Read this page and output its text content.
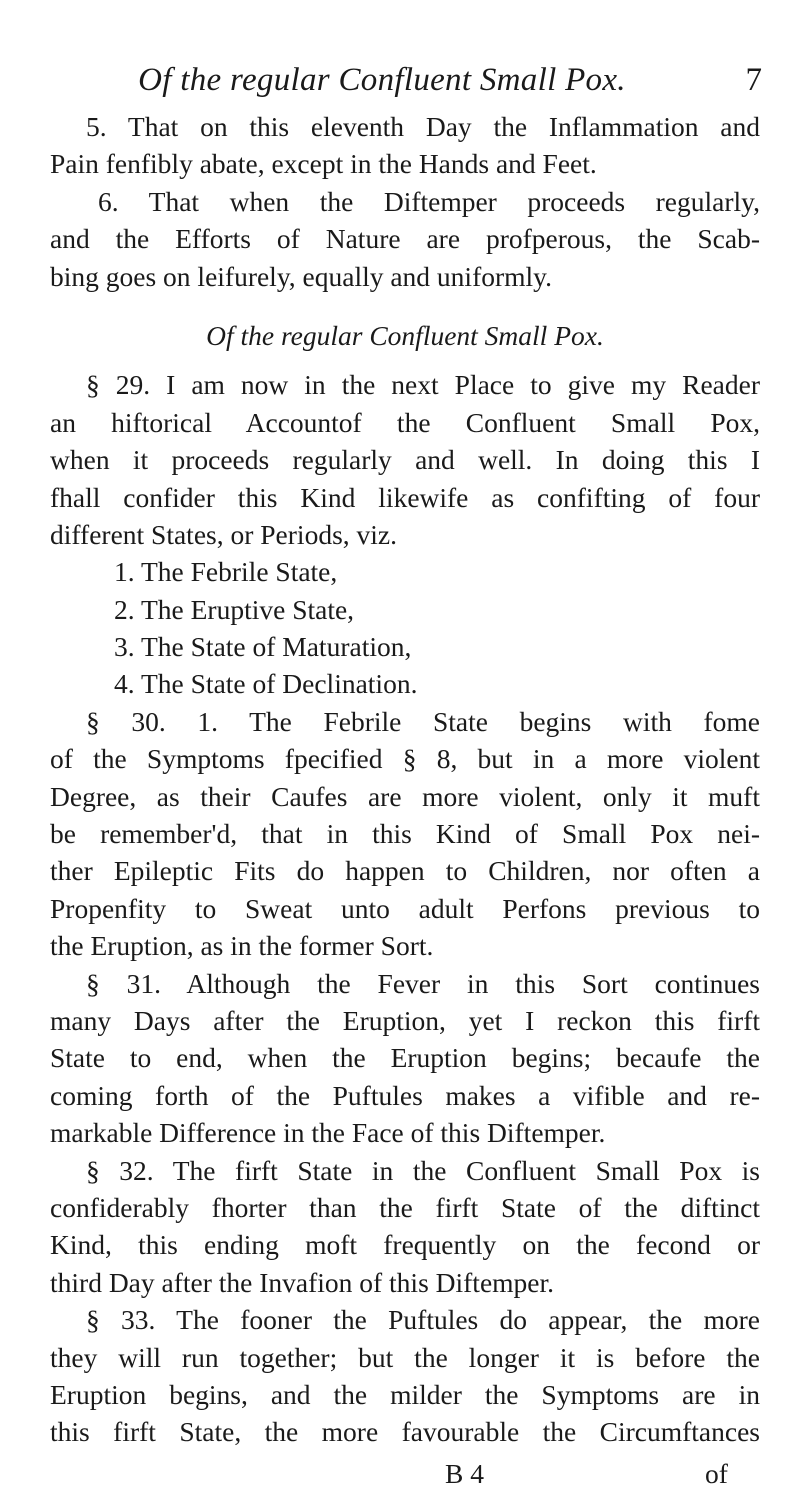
Of the regular Confluent Small Pox.	7
5. That on this eleventh Day the Inflammation and
Pain fenfibly abate, except in the Hands and Feet.
6. That when the Diftemper proceeds regularly,
and the Efforts of Nature are profperous, the Scab-
bing goes on leifurely, equally and uniformly.
Of the regular Confluent Small Pox.
§ 29. I am now in the next Place to give my Reader
an hiftorical Accountof the Confluent Small Pox,
when it proceeds regularly and well. In doing this I
fhall confider this Kind likewife as confifting of four
different States, or Periods, viz.
1. The Febrile State,
2. The Eruptive State,
3. The State of Maturation,
4. The State of Declination.
§ 30. 1. The Febrile State begins with fome
of the Symptoms fpecified § 8, but in a more violent
Degree, as their Caufes are more violent, only it muft
be remember'd, that in this Kind of Small Pox nei-
ther Epileptic Fits do happen to Children, nor often a
Propenfity to Sweat unto adult Perfons previous to
the Eruption, as in the former Sort.
§ 31. Although the Fever in this Sort continues
many Days after the Eruption, yet I reckon this firft
State to end, when the Eruption begins; becaufe the
coming forth of the Puftules makes a vifible and re-
markable Difference in the Face of this Diftemper.
§ 32. The firft State in the Confluent Small Pox is
confiderably fhorter than the firft State of the diftinct
Kind, this ending moft frequently on the fecond or
third Day after the Invafion of this Diftemper.
§ 33. The fooner the Puftules do appear, the more
they will run together; but the longer it is before the
Eruption begins, and the milder the Symptoms are in
this firft State, the more favourable the Circumftances
B 4	of
